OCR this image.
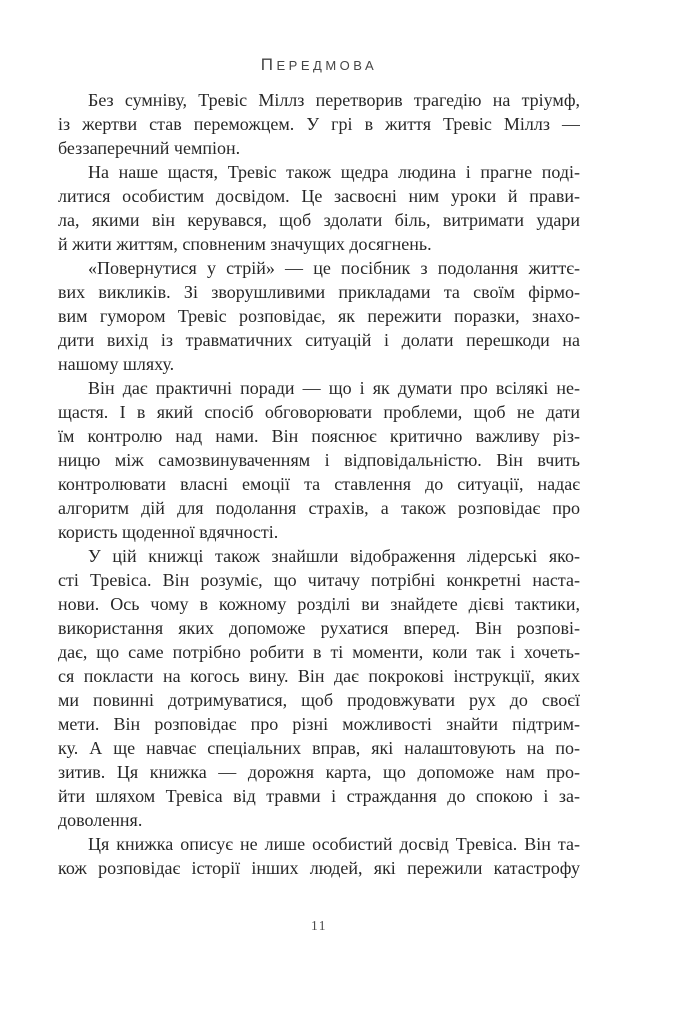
ПЕРЕДМОВА
Без сумніву, Тревіс Міллз перетворив трагедію на тріумф,
із жертви став переможцем. У грі в життя Тревіс Міллз —
беззаперечний чемпіон.
На наше щастя, Тревіс також щедра людина і прагне поді-
литися особистим досвідом. Це засвоєні ним уроки й прави-
ла, якими він керувався, щоб здолати біль, витримати удари
й жити життям, сповненим значущих досягнень.
«Повернутися у стрій» — це посібник з подолання життє-
вих викликів. Зі зворушливими прикладами та своїм фірмо-
вим гумором Тревіс розповідає, як пережити поразки, знахо-
дити вихід із травматичних ситуацій і долати перешкоди на
нашому шляху.
Він дає практичні поради — що і як думати про всілякі не-
щастя. І в який спосіб обговорювати проблеми, щоб не дати
їм контролю над нами. Він пояснює критично важливу різ-
ницю між самозвинуваченням і відповідальністю. Він вчить
контролювати власні емоції та ставлення до ситуації, надає
алгоритм дій для подолання страхів, а також розповідає про
користь щоденної вдячності.
У цій книжці також знайшли відображення лідерські яко-
сті Тревіса. Він розуміє, що читачу потрібні конкретні наста-
нови. Ось чому в кожному розділі ви знайдете дієві тактики,
використання яких допоможе рухатися вперед. Він розпові-
дає, що саме потрібно робити в ті моменти, коли так і хочеть-
ся покласти на когось вину. Він дає покрокові інструкції, яких
ми повинні дотримуватися, щоб продовжувати рух до своєї
мети. Він розповідає про різні можливості знайти підтрим-
ку. А ще навчає спеціальних вправ, які налаштовують на по-
зитив. Ця книжка — дорожня карта, що допоможе нам про-
йти шляхом Тревіса від травми і страждання до спокою і за-
доволення.
Ця книжка описує не лише особистий досвід Тревіса. Він та-
кож розповідає історії інших людей, які пережили катастрофу
11
